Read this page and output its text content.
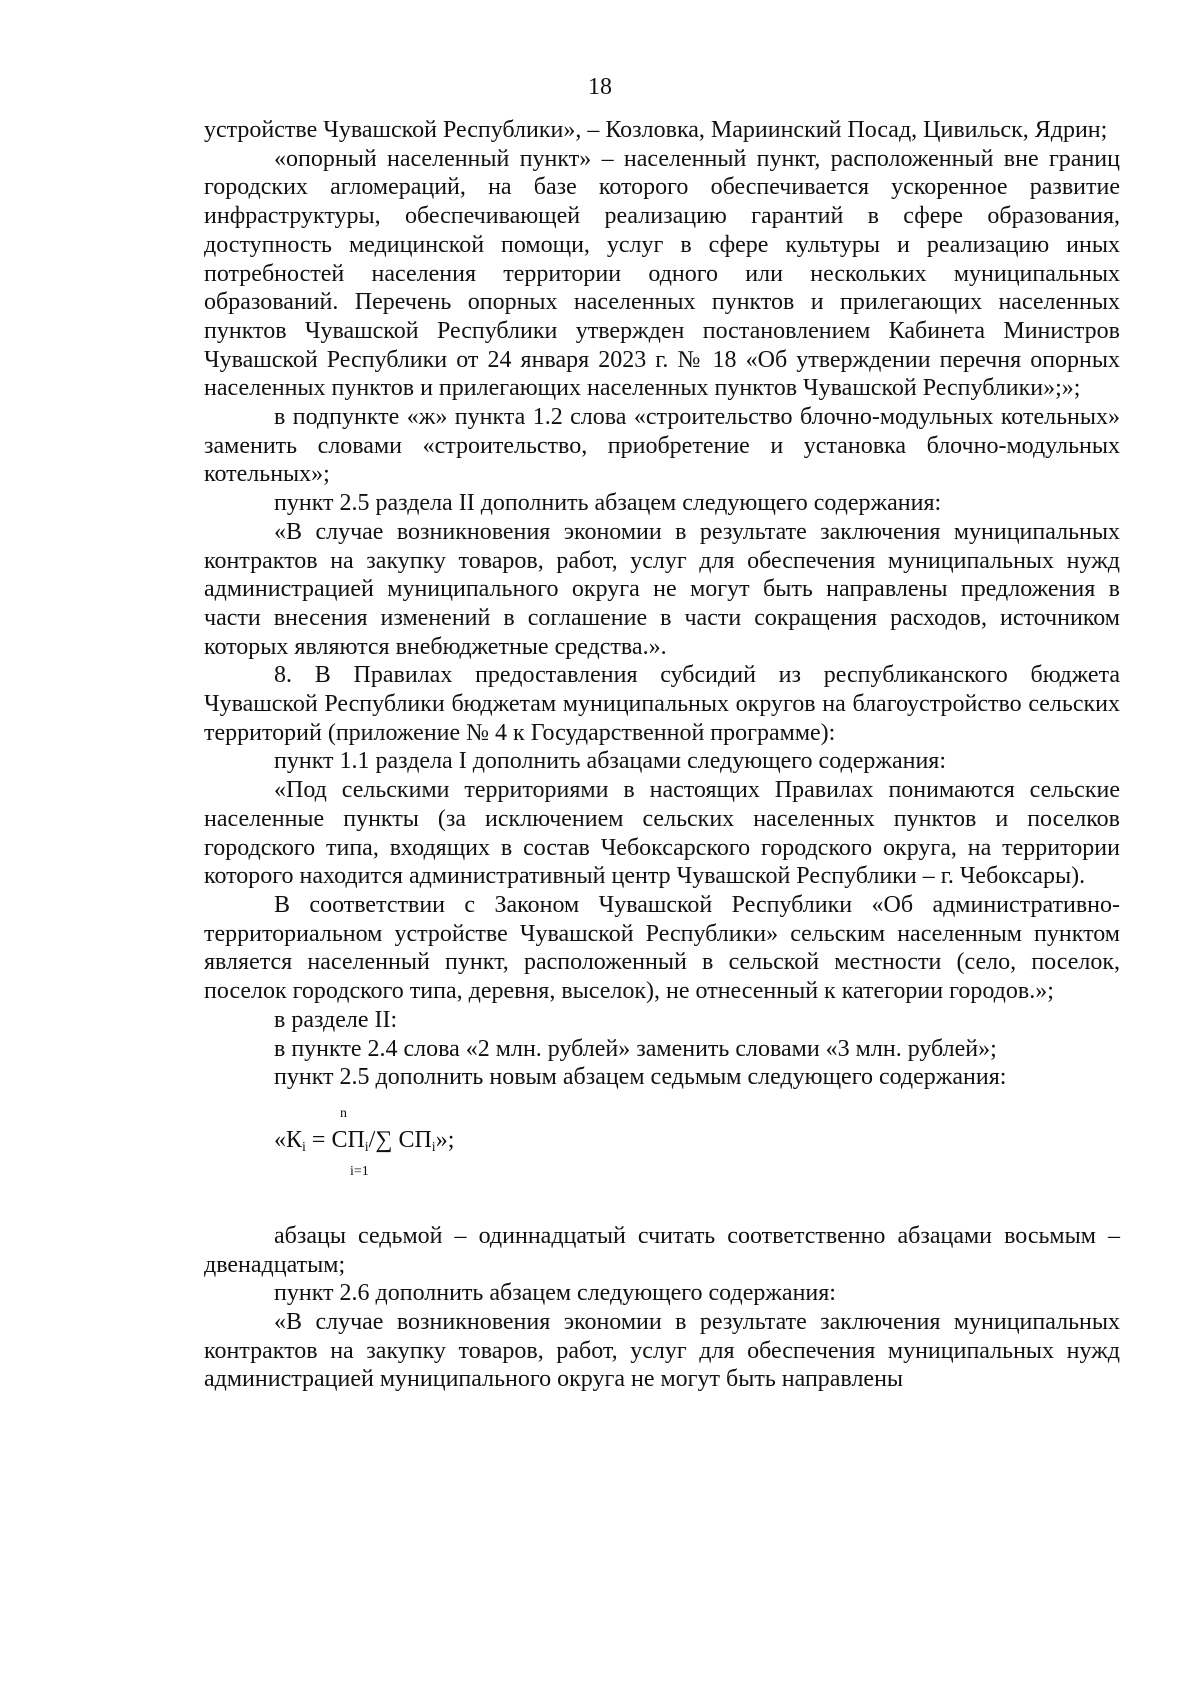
18

устройстве Чувашской Республики», – Козловка, Мариинский Посад, Цивильск, Ядрин;

«опорный населенный пункт» – населенный пункт, расположенный вне границ городских агломераций, на базе которого обеспечивается ускоренное развитие инфраструктуры, обеспечивающей реализацию гарантий в сфере образования, доступность медицинской помощи, услуг в сфере культуры и реализацию иных потребностей населения территории одного или нескольких муниципальных образований. Перечень опорных населенных пунктов и прилегающих населенных пунктов Чувашской Республики утвержден постановлением Кабинета Министров Чувашской Республики от 24 января 2023 г. № 18 «Об утверждении перечня опорных населенных пунктов и прилегающих населенных пунктов Чувашской Республики»;»;

в подпункте «ж» пункта 1.2 слова «строительство блочно-модульных котельных» заменить словами «строительство, приобретение и установка блочно-модульных котельных»;

пункт 2.5 раздела II дополнить абзацем следующего содержания:

«В случае возникновения экономии в результате заключения муниципальных контрактов на закупку товаров, работ, услуг для обеспечения муниципальных нужд администрацией муниципального округа не могут быть направлены предложения в части внесения изменений в соглашение в части сокращения расходов, источником которых являются внебюджетные средства.».

8. В Правилах предоставления субсидий из республиканского бюджета Чувашской Республики бюджетам муниципальных округов на благоустройство сельских территорий (приложение № 4 к Государственной программе):

пункт 1.1 раздела I дополнить абзацами следующего содержания:

«Под сельскими территориями в настоящих Правилах понимаются сельские населенные пункты (за исключением сельских населенных пунктов и поселков городского типа, входящих в состав Чебоксарского городского округа, на территории которого находится административный центр Чувашской Республики – г. Чебоксары).

В соответствии с Законом Чувашской Республики «Об административно-территориальном устройстве Чувашской Республики» сельским населенным пунктом является населенный пункт, расположенный в сельской местности (село, поселок, поселок городского типа, деревня, выселок), не отнесенный к категории городов.»;

в разделе II:

в пункте 2.4 слова «2 млн. рублей» заменить словами «3 млн. рублей»;

пункт 2.5 дополнить новым абзацем седьмым следующего содержания:

n
«$К_i = СП_i/\sum$ $СП_i$»;
i=1

абзацы седьмой – одиннадцатый считать соответственно абзацами восьмым – двенадцатым;

пункт 2.6 дополнить абзацем следующего содержания:

«В случае возникновения экономии в результате заключения муниципальных контрактов на закупку товаров, работ, услуг для обеспечения муниципальных нужд администрацией муниципального округа не могут быть направлены
